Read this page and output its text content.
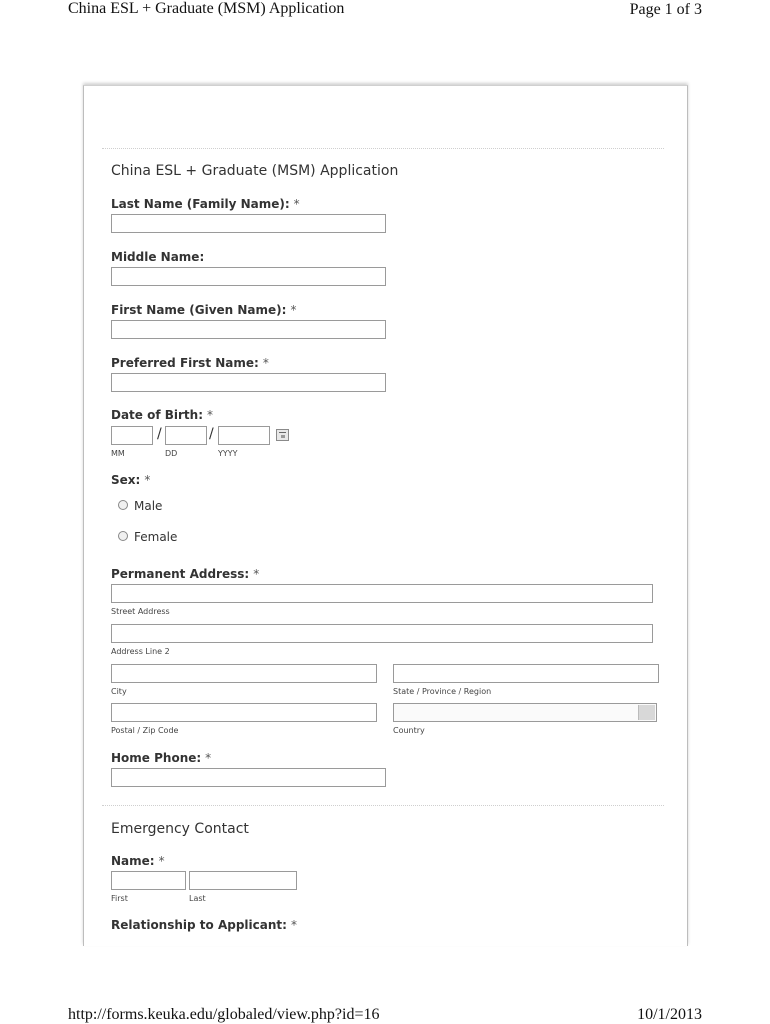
China ESL + Graduate (MSM) Application	Page 1 of 3
China ESL + Graduate (MSM) Application
Last Name (Family Name): *
Middle Name:
First Name (Given Name): *
Preferred First Name: *
Date of Birth: *
/	/
MM	DD	YYYY
Sex: *
Male
Female
Permanent Address: *
Street Address
Address Line 2
City	State / Province / Region
Postal / Zip Code	Country
Home Phone: *
Emergency Contact
Name: *
First	Last
Relationship to Applicant: *
http://forms.keuka.edu/globaled/view.php?id=16	10/1/2013
